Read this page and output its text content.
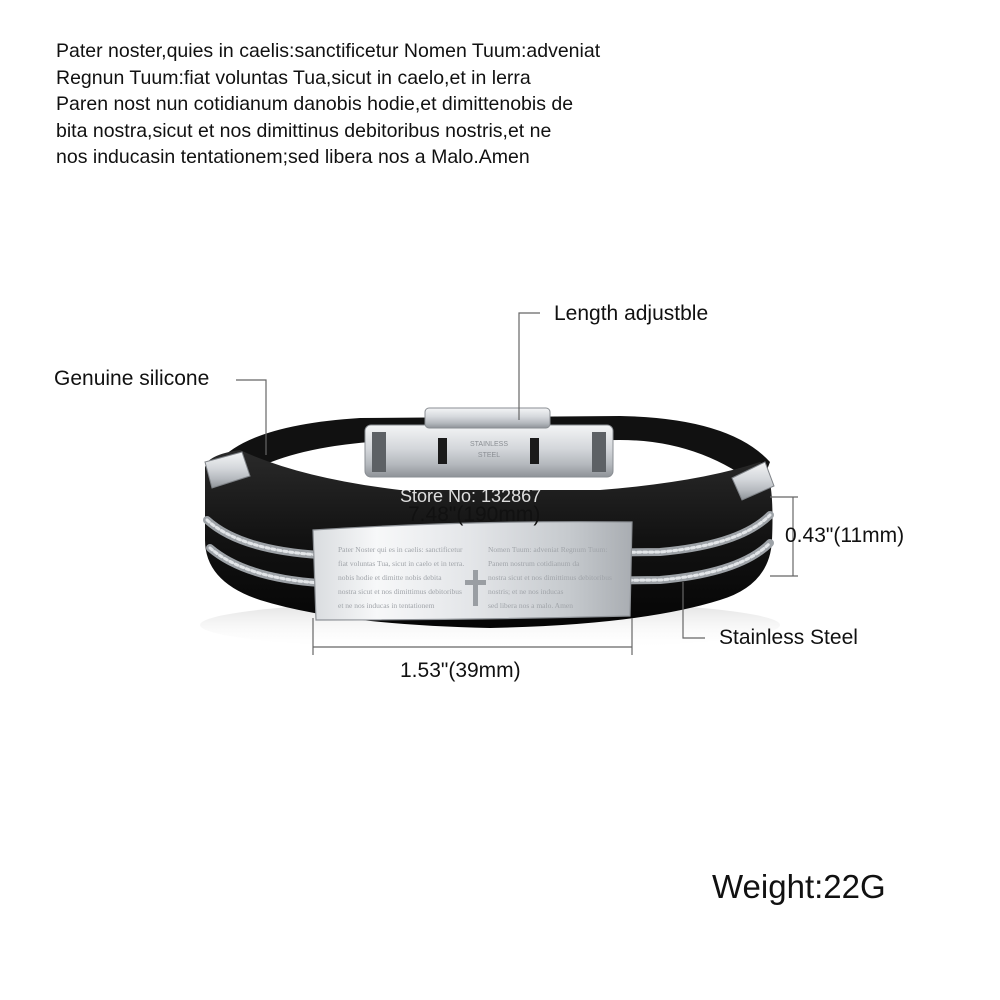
Pater noster,quies in caelis:sanctificetur Nomen Tuum:adveniat
Regnun Tuum:fiat voluntas Tua,sicut in caelo,et in lerra
Paren nost nun cotidianum danobis hodie,et dimittenobis de
bita nostra,sicut et nos dimittinus debitoribus nostris,et ne
nos inducasin tentationem;sed libera nos a Malo.Amen
STAINLESS
STEEL
Pater Noster qui es in caelis: sanctificetur
fiat voluntas Tua, sicut in caelo et in terra.
nobis hodie et dimitte nobis debita
nostra sicut et nos dimittimus debitoribus
et ne nos inducas in tentationem
Nomen Tuum: adveniat Regnum Tuum:
Panem nostrum cotidianum da
nostra sicut et nos dimittimus debitoribus
nostris; et ne nos inducas
sed libera nos a malo. Amen
Store No: 132867
Length adjustble
Genuine silicone
7.48"(190mm)
0.43"(11mm)
Stainless Steel
1.53"(39mm)
Weight:22G
